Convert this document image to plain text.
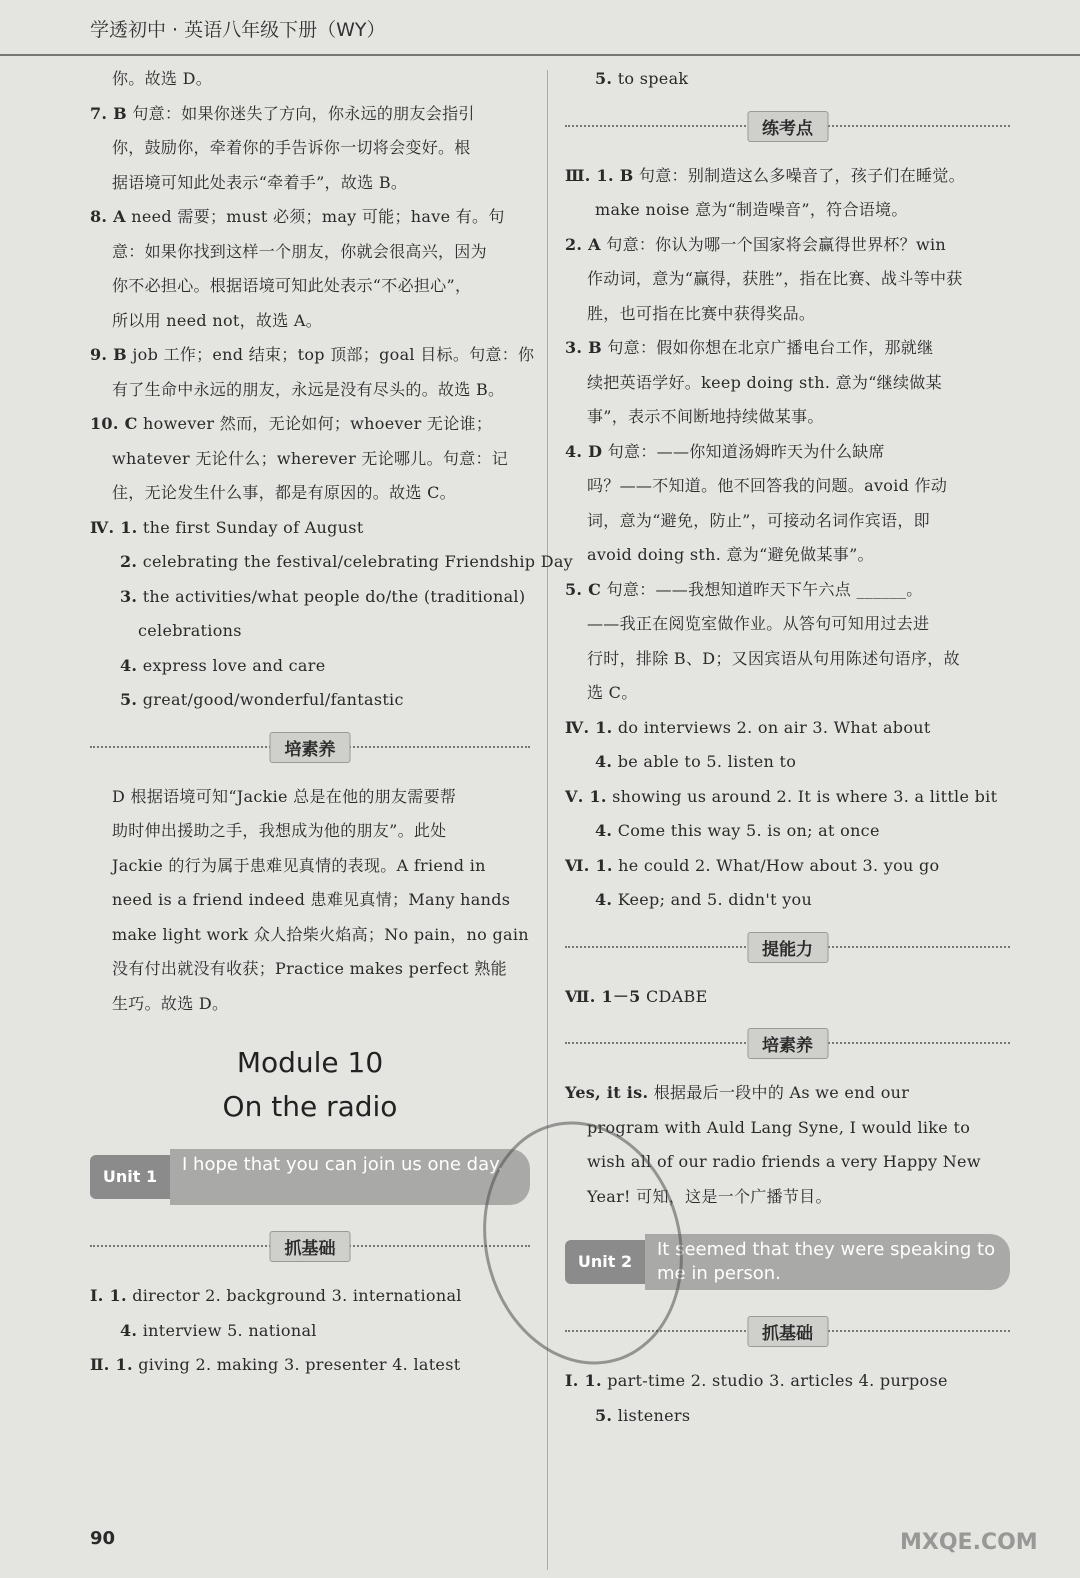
学透初中 · 英语八年级下册（WY）

你。故选 D。

7. B 句意：如果你迷失了方向，你永远的朋友会指引

你，鼓励你，牵着你的手告诉你一切将会变好。根

据语境可知此处表示“牵着手”，故选 B。

8. A need 需要；must 必须；may 可能；have 有。句

意：如果你找到这样一个朋友，你就会很高兴，因为

你不必担心。根据语境可知此处表示“不必担心”，

所以用 need not，故选 A。

9. B job 工作；end 结束；top 顶部；goal 目标。句意：你

有了生命中永远的朋友，永远是没有尽头的。故选 B。

10. C however 然而，无论如何；whoever 无论谁；

whatever 无论什么；wherever 无论哪儿。句意：记

住，无论发生什么事，都是有原因的。故选 C。

Ⅳ. 1. the first Sunday of August

2. celebrating the festival/celebrating Friendship Day

3. the activities/what people do/the (traditional)

celebrations

4. express love and care

5. great/good/wonderful/fantastic

培素养

D 根据语境可知“Jackie 总是在他的朋友需要帮

助时伸出援助之手，我想成为他的朋友”。此处

Jackie 的行为属于患难见真情的表现。A friend in

need is a friend indeed 患难见真情；Many hands

make light work 众人拾柴火焰高；No pain，no gain

没有付出就没有收获；Practice makes perfect 熟能

生巧。故选 D。

Module 10
On the radio
Unit 1
I hope that you can join us one day.
抓基础

Ⅰ. 1. director 2. background 3. international

4. interview 5. national

Ⅱ. 1. giving 2. making 3. presenter 4. latest

5. to speak

练考点

Ⅲ. 1. B 句意：别制造这么多噪音了，孩子们在睡觉。

make noise 意为“制造噪音”，符合语境。

2. A 句意：你认为哪一个国家将会赢得世界杯？win

作动词，意为“赢得，获胜”，指在比赛、战斗等中获

胜，也可指在比赛中获得奖品。

3. B 句意：假如你想在北京广播电台工作，那就继

续把英语学好。keep doing sth. 意为“继续做某

事”，表示不间断地持续做某事。

4. D 句意：——你知道汤姆昨天为什么缺席

吗？——不知道。他不回答我的问题。avoid 作动

词，意为“避免，防止”，可接动名词作宾语，即

avoid doing sth. 意为“避免做某事”。

5. C 句意：——我想知道昨天下午六点 ______。

——我正在阅览室做作业。从答句可知用过去进

行时，排除 B、D；又因宾语从句用陈述句语序，故

选 C。

Ⅳ. 1. do interviews 2. on air 3. What about

4. be able to 5. listen to

Ⅴ. 1. showing us around 2. It is where 3. a little bit

4. Come this way 5. is on; at once

Ⅵ. 1. he could 2. What/How about 3. you go

4. Keep; and 5. didn't you

提能力

Ⅶ. 1－5 CDABE

培素养

Yes, it is. 根据最后一段中的 As we end our

program with Auld Lang Syne, I would like to

wish all of our radio friends a very Happy New

Year! 可知，这是一个广播节目。

Unit 2
It seemed that they were speaking to me in person.
抓基础

Ⅰ. 1. part-time 2. studio 3. articles 4. purpose

5. listeners

90	MXQE.COM
